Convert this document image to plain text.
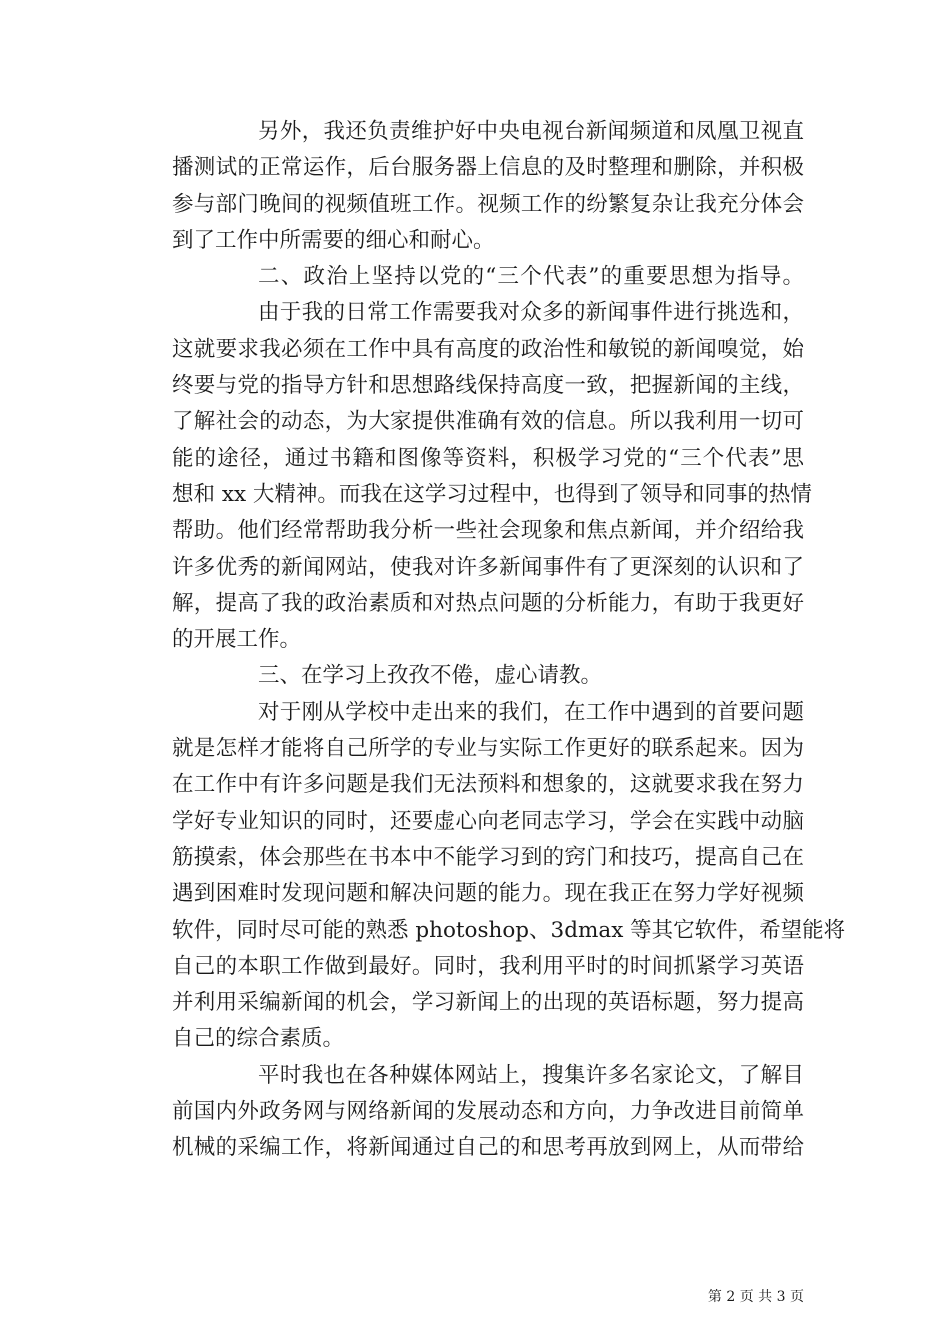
另外，我还负责维护好中央电视台新闻频道和凤凰卫视直
播测试的正常运作，后台服务器上信息的及时整理和删除，并积极
参与部门晚间的视频值班工作。视频工作的纷繁复杂让我充分体会
到了工作中所需要的细心和耐心。
二、政治上坚持以党的“三个代表”的重要思想为指导。
由于我的日常工作需要我对众多的新闻事件进行挑选和，
这就要求我必须在工作中具有高度的政治性和敏锐的新闻嗅觉，始
终要与党的指导方针和思想路线保持高度一致，把握新闻的主线，
了解社会的动态，为大家提供准确有效的信息。所以我利用一切可
能的途径，通过书籍和图像等资料，积极学习党的“三个代表”思
想和 xx 大精神。而我在这学习过程中，也得到了领导和同事的热情
帮助。他们经常帮助我分析一些社会现象和焦点新闻，并介绍给我
许多优秀的新闻网站，使我对许多新闻事件有了更深刻的认识和了
解，提高了我的政治素质和对热点问题的分析能力，有助于我更好
的开展工作。
三、在学习上孜孜不倦，虚心请教。
对于刚从学校中走出来的我们，在工作中遇到的首要问题
就是怎样才能将自己所学的专业与实际工作更好的联系起来。因为
在工作中有许多问题是我们无法预料和想象的，这就要求我在努力
学好专业知识的同时，还要虚心向老同志学习，学会在实践中动脑
筋摸索，体会那些在书本中不能学习到的窍门和技巧，提高自己在
遇到困难时发现问题和解决问题的能力。现在我正在努力学好视频
软件，同时尽可能的熟悉 photoshop、3dmax 等其它软件，希望能将
自己的本职工作做到最好。同时，我利用平时的时间抓紧学习英语
并利用采编新闻的机会，学习新闻上的出现的英语标题，努力提高
自己的综合素质。
平时我也在各种媒体网站上，搜集许多名家论文，了解目
前国内外政务网与网络新闻的发展动态和方向，力争改进目前简单
机械的采编工作，将新闻通过自己的和思考再放到网上，从而带给
第 2 页 共 3 页
